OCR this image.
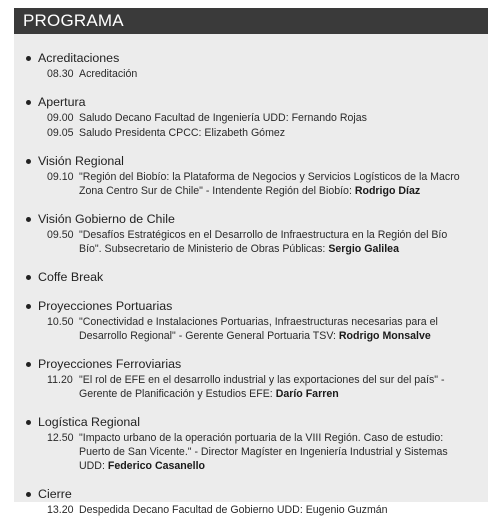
PROGRAMA
Acreditaciones
08.30 Acreditación
Apertura
09.00 Saludo Decano Facultad de Ingeniería UDD: Fernando Rojas
09.05 Saludo Presidenta CPCC: Elizabeth Gómez
Visión Regional
09.10 "Región del Biobío: la Plataforma de Negocios y Servicios Logísticos de la Macro Zona Centro Sur de Chile" - Intendente Región del Biobío: Rodrigo Díaz
Visión Gobierno de Chile
09.50 "Desafíos Estratégicos en el Desarrollo de Infraestructura en la Región del Bío Bío". Subsecretario de Ministerio de Obras Públicas: Sergio Galilea
Coffe Break
Proyecciones Portuarias
10.50 "Conectividad e Instalaciones Portuarias, Infraestructuras necesarias para el Desarrollo Regional" - Gerente General Portuaria TSV: Rodrigo Monsalve
Proyecciones Ferroviarias
11.20 "El rol de EFE en el desarrollo industrial y las exportaciones del sur del país" - Gerente de Planificación y Estudios EFE: Darío Farren
Logística Regional
12.50 "Impacto urbano de la operación portuaria de la VIII Región. Caso de estudio: Puerto de San Vicente." - Director Magíster en Ingeniería Industrial y Sistemas UDD: Federico Casanello
Cierre
13.20 Despedida Decano Facultad de Gobierno UDD: Eugenio Guzmán
